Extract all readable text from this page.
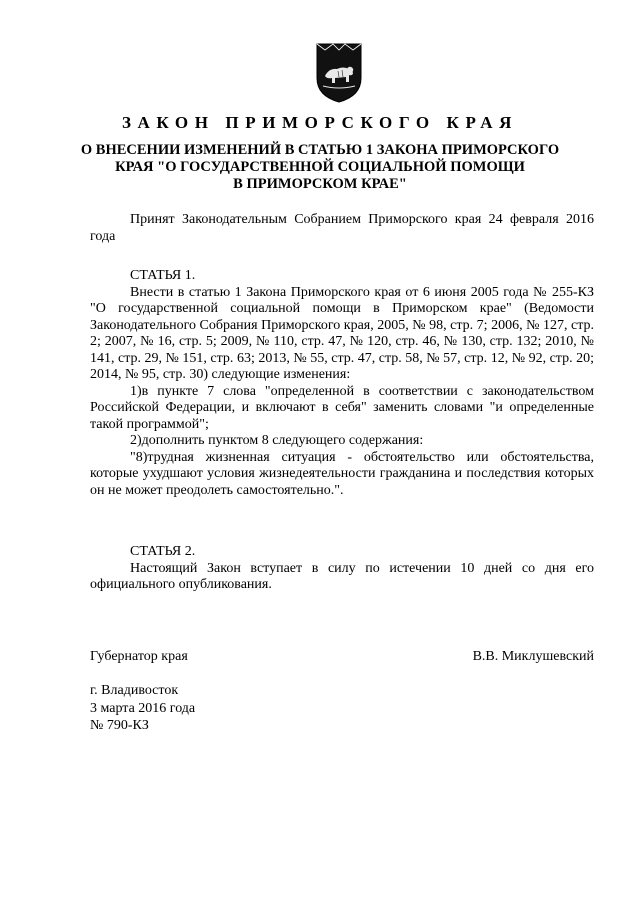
ЗАКОН ПРИМОРСКОГО КРАЯ
О ВНЕСЕНИИ ИЗМЕНЕНИЙ В СТАТЬЮ 1 ЗАКОНА ПРИМОРСКОГО
КРАЯ "О ГОСУДАРСТВЕННОЙ СОЦИАЛЬНОЙ ПОМОЩИ
В ПРИМОРСКОМ КРАЕ"

Принят Законодательным Собранием Приморского края 24 февраля 2016 года

СТАТЬЯ 1.

Внести в статью 1 Закона Приморского края от 6 июня 2005 года № 255-КЗ "О государственной социальной помощи в Приморском крае" (Ведомости Законодательного Собрания Приморского края, 2005, № 98, стр. 7; 2006, № 127, стр. 2; 2007, № 16, стр. 5; 2009, № 110, стр. 47, № 120, стр. 46, № 130, стр. 132; 2010, № 141, стр. 29, № 151, стр. 63; 2013, № 55, стр. 47, стр. 58, № 57, стр. 12, № 92, стр. 20; 2014, № 95, стр. 30) следующие изменения:

1)в пункте 7 слова "определенной в соответствии с законодательством Российской Федерации, и включают в себя" заменить словами "и определенные такой программой";

2)дополнить пунктом 8 следующего содержания:

"8)трудная жизненная ситуация - обстоятельство или обстоятельства, которые ухудшают условия жизнедеятельности гражданина и последствия которых он не может преодолеть самостоятельно.".

СТАТЬЯ 2.

Настоящий Закон вступает в силу по истечении 10 дней со дня его официального опубликования.

Губернатор края	В.В. Миклушевский
г. Владивосток
3 марта 2016 года
№ 790-КЗ
